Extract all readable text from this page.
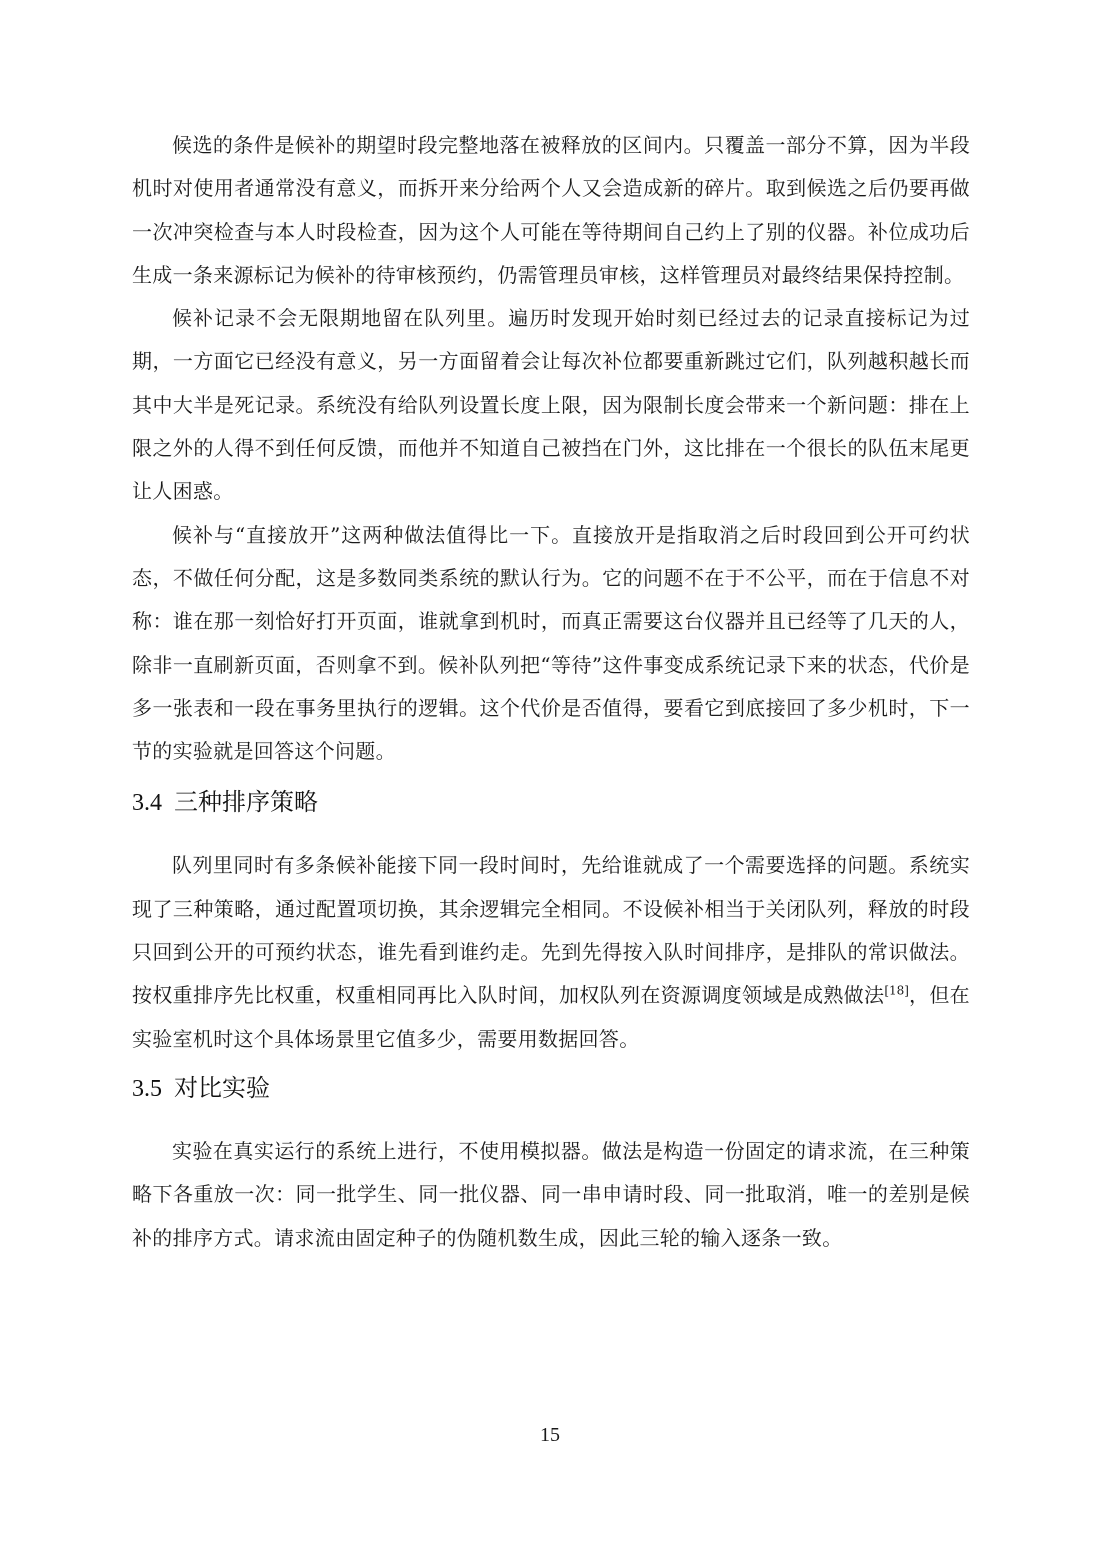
候选的条件是候补的期望时段完整地落在被释放的区间内。只覆盖一部分不算，因为半段机时对使用者通常没有意义，而拆开来分给两个人又会造成新的碎片。取到候选之后仍要再做一次冲突检查与本人时段检查，因为这个人可能在等待期间自己约上了别的仪器。补位成功后生成一条来源标记为候补的待审核预约，仍需管理员审核，这样管理员对最终结果保持控制。

候补记录不会无限期地留在队列里。遍历时发现开始时刻已经过去的记录直接标记为过期，一方面它已经没有意义，另一方面留着会让每次补位都要重新跳过它们，队列越积越长而其中大半是死记录。系统没有给队列设置长度上限，因为限制长度会带来一个新问题：排在上限之外的人得不到任何反馈，而他并不知道自己被挡在门外，这比排在一个很长的队伍末尾更让人困惑。

候补与“直接放开”这两种做法值得比一下。直接放开是指取消之后时段回到公开可约状态，不做任何分配，这是多数同类系统的默认行为。它的问题不在于不公平，而在于信息不对称：谁在那一刻恰好打开页面，谁就拿到机时，而真正需要这台仪器并且已经等了几天的人，除非一直刷新页面，否则拿不到。候补队列把“等待”这件事变成系统记录下来的状态，代价是多一张表和一段在事务里执行的逻辑。这个代价是否值得，要看它到底接回了多少机时，下一节的实验就是回答这个问题。

3.4 三种排序策略

队列里同时有多条候补能接下同一段时间时，先给谁就成了一个需要选择的问题。系统实现了三种策略，通过配置项切换，其余逻辑完全相同。不设候补相当于关闭队列，释放的时段只回到公开的可预约状态，谁先看到谁约走。先到先得按入队时间排序，是排队的常识做法。按权重排序先比权重，权重相同再比入队时间，加权队列在资源调度领域是成熟做法[18]，但在实验室机时这个具体场景里它值多少，需要用数据回答。

3.5 对比实验

实验在真实运行的系统上进行，不使用模拟器。做法是构造一份固定的请求流，在三种策略下各重放一次：同一批学生、同一批仪器、同一串申请时段、同一批取消，唯一的差别是候补的排序方式。请求流由固定种子的伪随机数生成，因此三轮的输入逐条一致。

15
